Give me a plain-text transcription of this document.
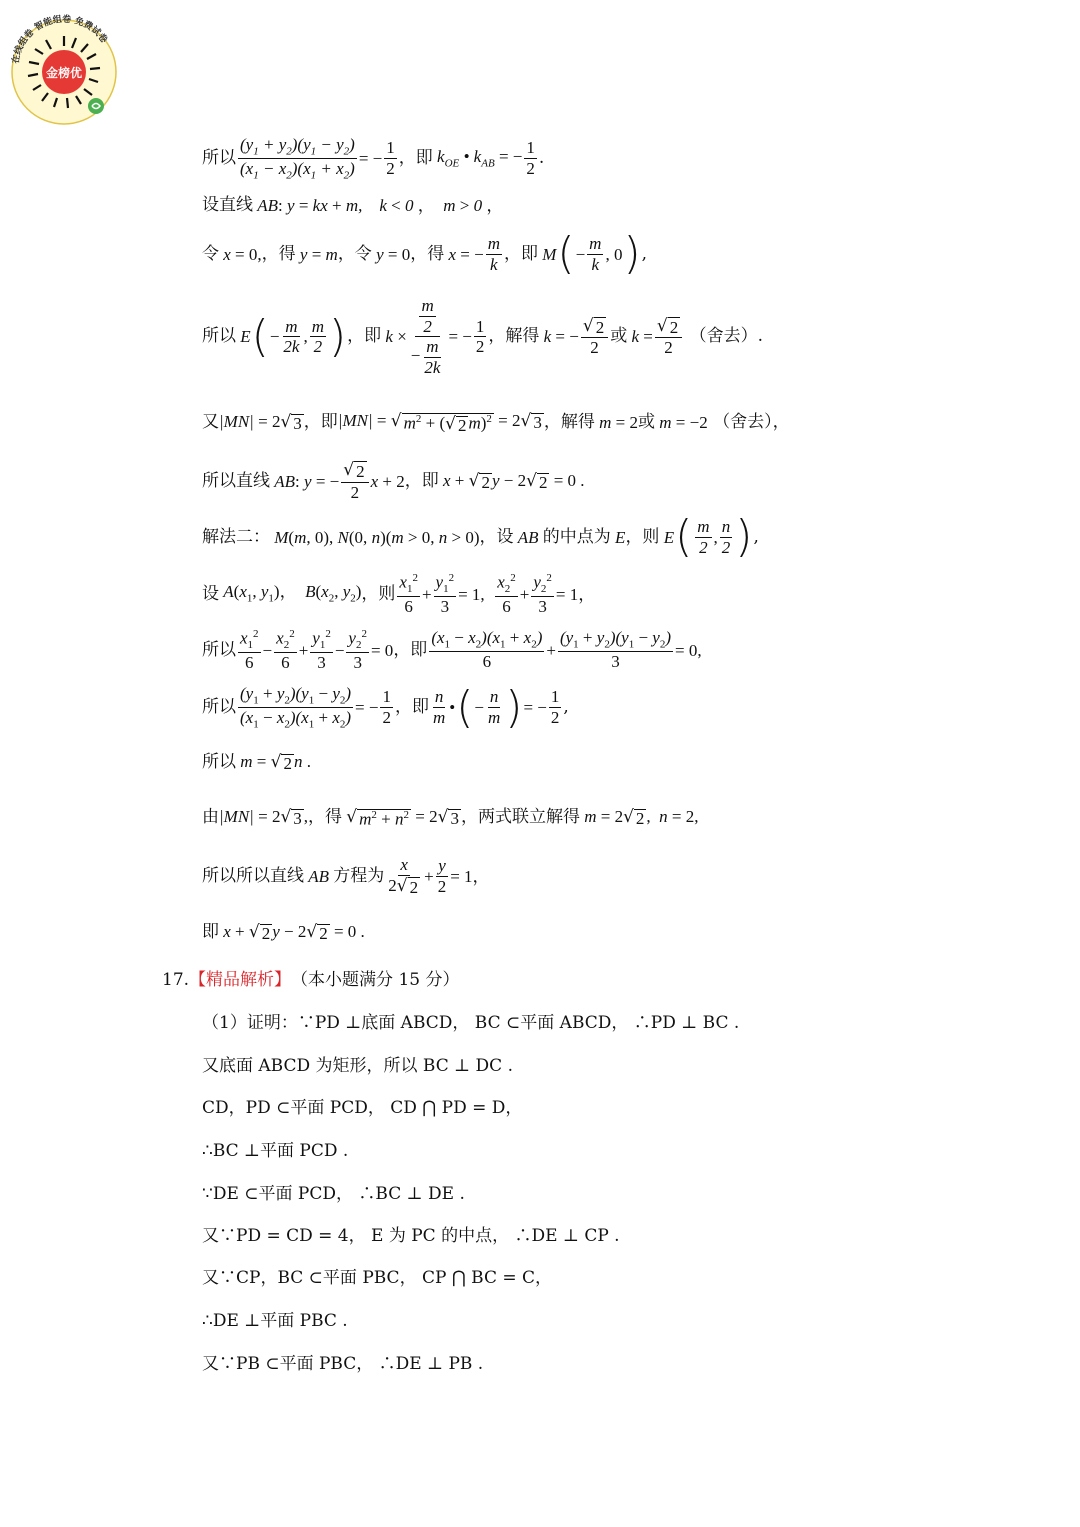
在线组卷 智能组卷 免费试卷
金榜优
所以 $\frac{(y_1 + y_2)(y_1 - y_2)}{(x_1 - x_2)(x_1 + x_2)}$ = − $\frac{1}{2}$ ，即 $k_{OE}$ • $k_{AB}$ = − $\frac{1}{2}$ .
设直线 AB: y = kx + m,    k < 0 ，  m > 0 ，
令 x = 0, ，得 y = m ，令 y = 0 ，得 x = − $\frac{m}{k}$ ，即 M ( − $\frac{m}{k}$ , 0 ) ,
所以 E ( − $\frac{m}{2k}$ ,
m
2 ) ，即 $k \times \frac{\frac{m}{2}}{- \frac{m}{2k}}$ = − $\frac{1}{2}$ ，解得 k = − $\frac{√ 2}{2}$ 或 $k = \frac{√ 2}{2}$
（舍去）.
又 |MN| = 2 √ 3 ，即 |MN| = √ $m^2$ + ( √ 2 m)$^2$ = 2 √ 3 ，解得 m = 2 或 m = −2
（舍去），
所以直线 AB: y = − $\frac{√ 2}{2}$ x + 2 ，即 x + √ 2 y − 2 √ 2 = 0 .
解法二： M(m, 0), N(0, n)(m > 0, n > 0) ，设 AB 的中点为 E ，则 E ( m
2
,
n
2 ) ,
设 $A(x_1$, $y_1$)，  $B(x_2$, $y_2$) ，则
$x_1^2$
6
+ $\frac{y_1^2}{3} = 1$,
$x_2^2$
6
+ $\frac{y_2^2}{3} = 1$，
所以
$x_1^2$
6
− $\frac{x_2^2}{6} + \frac{y_1^2}{3} - \frac{y_2^2}{3} = 0$ ，即
$(x_1 - x_2)(x_1 + x_2)$
6
+ $\frac{(y_1 + y_2)(y_1 - y_2)}{3} = 0$,
所以 $\frac{(y_1 + y_2)(y_1 - y_2)}{(x_1 - x_2)(x_1 + x_2)}$ = − $\frac{1}{2}$ ，即
n
m
• ( − $\frac{n}{m}$ ) = − $\frac{1}{2}$ ,
所以 m = √ 2 n .
由 |MN| = 2 √ 3 , ，得
√ $m^2 + n^2 = 2$ √ 3 ，两式联立解得 m = 2 √ 2 ,  n = 2,
所以所以直线 AB 方程为
x
2 √ 2
+ $\frac{y}{2} = 1$，
即 x + √ 2 y − 2 √ 2 = 0 .
17. 【精品解析】 （本小题满分 15 分）
（1）证明：∵PD ⊥底面 ABCD， BC ⊂平面 ABCD， ∴PD ⊥ BC .
又底面 ABCD 为矩形，所以 BC ⊥ DC .
CD，PD ⊂平面 PCD， CD ⋂ PD = D，
∴BC ⊥平面 PCD .
∵DE ⊂平面 PCD， ∴BC ⊥ DE .
又∵PD = CD = 4， E 为 PC 的中点， ∴DE ⊥ CP .
又∵CP，BC ⊂平面 PBC， CP ⋂ BC = C，
∴DE ⊥平面 PBC .
又∵PB ⊂平面 PBC， ∴DE ⊥ PB .
